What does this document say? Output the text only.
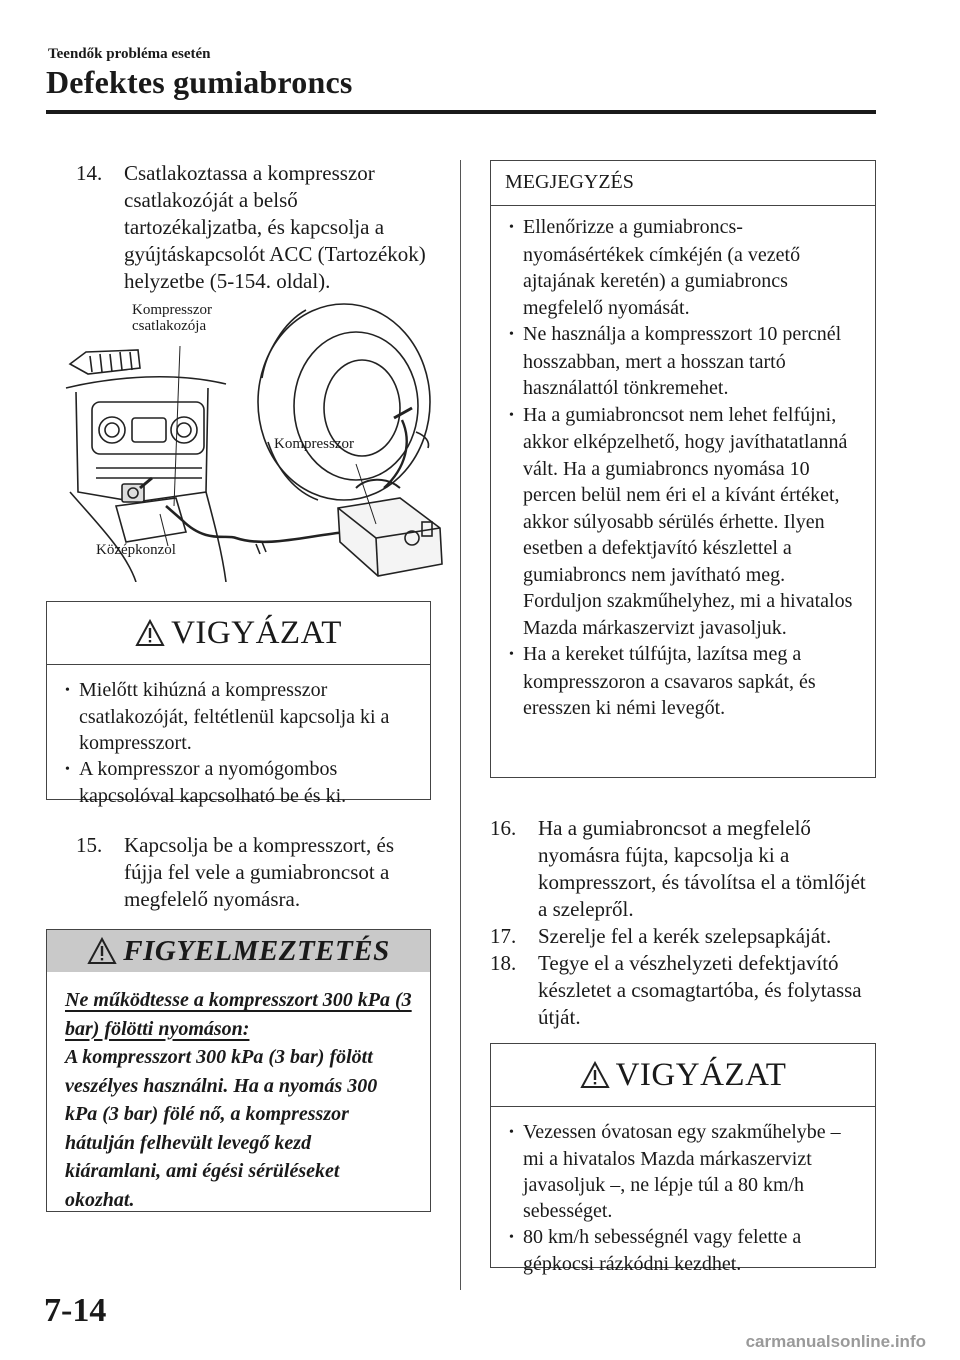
Teendők probléma esetén
Defektes gumiabroncs
14. Csatlakoztassa a kompresszor csatlakozóját a belső tartozékaljzatba, és kapcsolja a gyújtáskapcsolót ACC (Tartozékok) helyzetbe (5-154. oldal).
Kompresszor
csatlakozója
Kompresszor
Középkonzol
VIGYÁZAT
• Mielőtt kihúzná a kompresszor csatlakozóját, feltétlenül kapcsolja ki a kompresszort.
• A kompresszor a nyomógombos kapcsolóval kapcsolható be és ki.
15. Kapcsolja be a kompresszort, és fújja fel vele a gumiabroncsot a megfelelő nyomásra.
FIGYELMEZTETÉS
Ne működtesse a kompresszort 300 kPa (3 bar) fölötti nyomáson:
A kompresszort 300 kPa (3 bar) fölött veszélyes használni. Ha a nyomás 300 kPa (3 bar) fölé nő, a kompresszor hátulján felhevült levegő kezd kiáramlani, ami égési sérüléseket okozhat.
MEGJEGYZÉS
• Ellenőrizze a gumiabroncs-nyomásértékek címkéjén (a vezető ajtajának keretén) a gumiabroncs megfelelő nyomását.
• Ne használja a kompresszort 10 percnél hosszabban, mert a hosszan tartó használattól tönkremehet.
• Ha a gumiabroncsot nem lehet felfújni, akkor elképzelhető, hogy javíthatatlanná vált. Ha a gumiabroncs nyomása 10 percen belül nem éri el a kívánt értéket, akkor súlyosabb sérülés érhette. Ilyen esetben a defektjavító készlettel a gumiabroncs nem javítható meg. Forduljon szakműhelyhez, mi a hivatalos Mazda márkaszervizt javasoljuk.
• Ha a kereket túlfújta, lazítsa meg a kompresszoron a csavaros sapkát, és eresszen ki némi levegőt.
16. Ha a gumiabroncsot a megfelelő nyomásra fújta, kapcsolja ki a kompresszort, és távolítsa el a tömlőjét a szelepről.
17. Szerelje fel a kerék szelepsapkáját.
18. Tegye el a vészhelyzeti defektjavító készletet a csomagtartóba, és folytassa útját.
VIGYÁZAT
• Vezessen óvatosan egy szakműhelybe – mi a hivatalos Mazda márkaszervizt javasoljuk –, ne lépje túl a 80 km/h sebességet.
• 80 km/h sebességnél vagy felette a gépkocsi rázkódni kezdhet.
7-14
carmanualsonline.info
